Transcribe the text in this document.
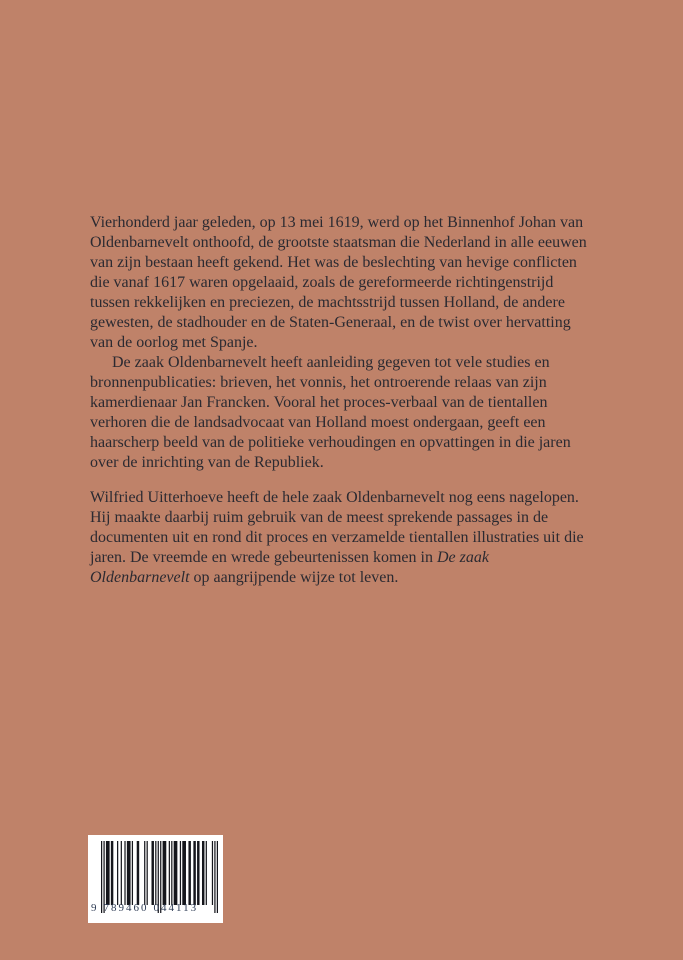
Vierhonderd jaar geleden, op 13 mei 1619, werd op het Binnenhof Johan van Oldenbarnevelt onthoofd, de grootste staatsman die Nederland in alle eeuwen van zijn bestaan heeft gekend. Het was de beslechting van hevige conflicten die vanaf 1617 waren opgelaaid, zoals de gereformeerde richtingenstrijd tussen rekkelijken en preciezen, de machtsstrijd tussen Holland, de andere gewesten, de stadhouder en de Staten-Generaal, en de twist over hervatting van de oorlog met Spanje.

De zaak Oldenbarnevelt heeft aanleiding gegeven tot vele studies en bronnenpublicaties: brieven, het vonnis, het ontroerende relaas van zijn kamerdienaar Jan Francken. Vooral het proces-verbaal van de tientallen verhoren die de landsadvocaat van Holland moest ondergaan, geeft een haarscherp beeld van de politieke verhoudingen en opvattingen in die jaren over de inrichting van de Republiek.

Wilfried Uitterhoeve heeft de hele zaak Oldenbarnevelt nog eens nagelopen. Hij maakte daarbij ruim gebruik van de meest sprekende passages in de documenten uit en rond dit proces en verzamelde tientallen illustraties uit die jaren. De vreemde en wrede gebeurtenissen komen in De zaak Oldenbarnevelt op aangrijpende wijze tot leven.

9 789460 044113
